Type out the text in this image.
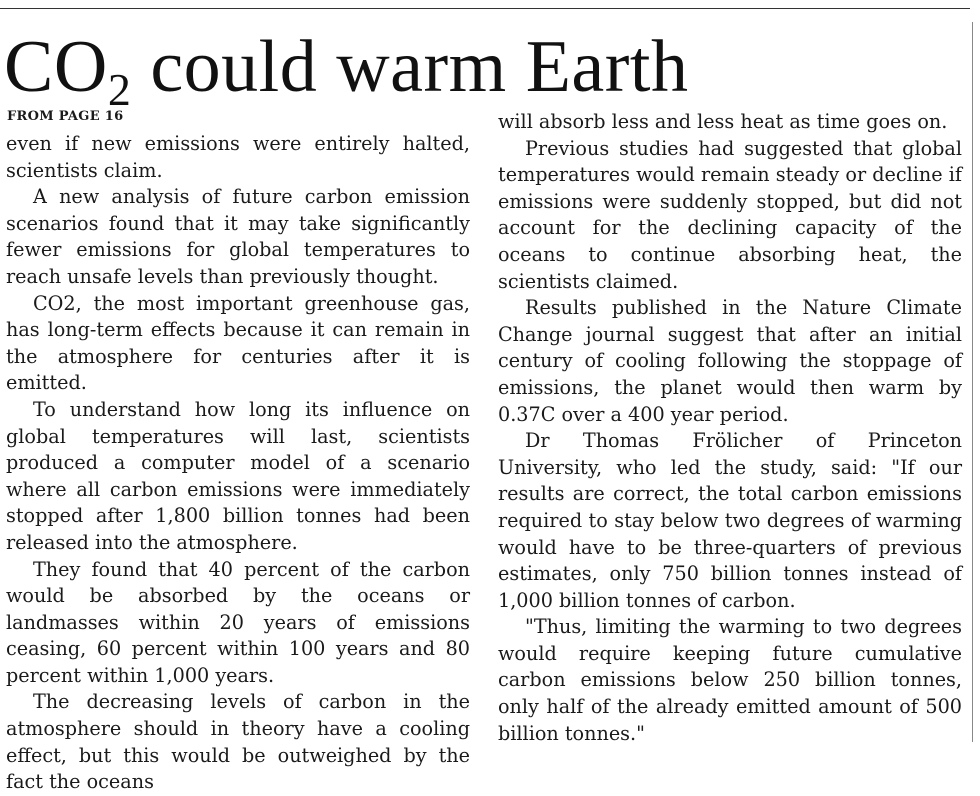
CO2 could warm Earth
FROM PAGE 16

even if new emissions were entirely halted, scientists claim.

A new analysis of future carbon emission scenarios found that it may take significantly fewer emissions for global temperatures to reach unsafe levels than previously thought.

CO2, the most important greenhouse gas, has long-term effects because it can remain in the atmosphere for centuries after it is emitted.

To understand how long its influence on global temperatures will last, scientists produced a computer model of a scenario where all carbon emissions were immediately stopped after 1,800 billion tonnes had been released into the atmosphere.

They found that 40 percent of the carbon would be absorbed by the oceans or landmasses within 20 years of emissions ceasing, 60 percent within 100 years and 80 percent within 1,000 years.

The decreasing levels of carbon in the atmosphere should in theory have a cooling effect, but this would be outweighed by the fact the oceans

will absorb less and less heat as time goes on.

Previous studies had suggested that global temperatures would remain steady or decline if emissions were suddenly stopped, but did not account for the declining capacity of the oceans to continue absorbing heat, the scientists claimed.

Results published in the Nature Climate Change journal suggest that after an initial century of cooling following the stoppage of emissions, the planet would then warm by 0.37C over a 400 year period.

Dr Thomas Frölicher of Princeton University, who led the study, said: "If our results are correct, the total carbon emissions required to stay below two degrees of warming would have to be three-quarters of previous estimates, only 750 billion tonnes instead of 1,000 billion tonnes of carbon.

"Thus, limiting the warming to two degrees would require keeping future cumulative carbon emissions below 250 billion tonnes, only half of the already emitted amount of 500 billion tonnes."
